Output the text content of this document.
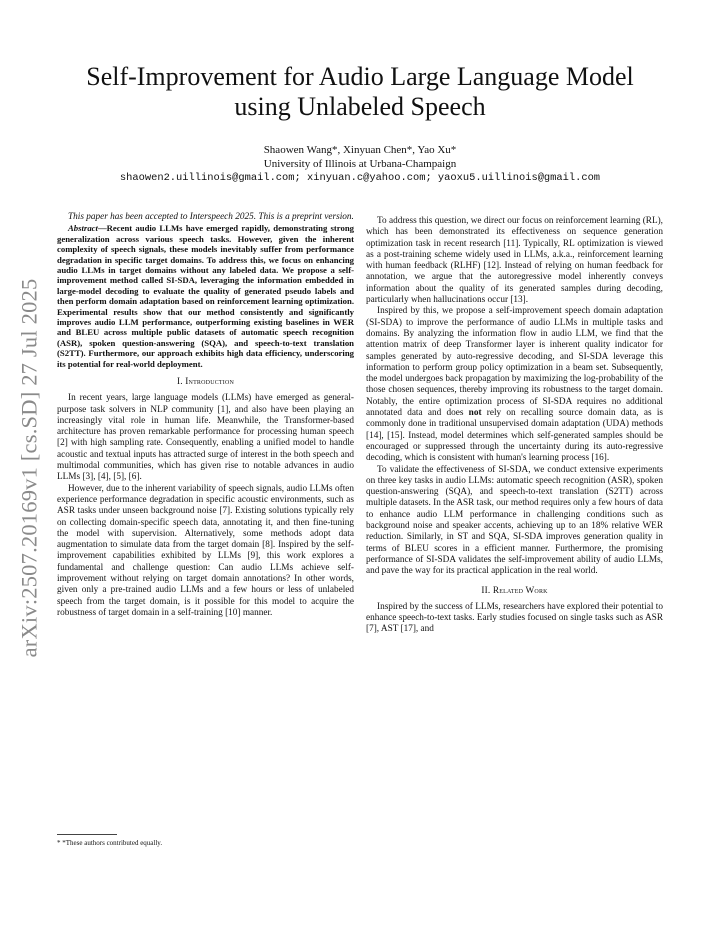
arXiv:2507.20169v1 [cs.SD] 27 Jul 2025
Self-Improvement for Audio Large Language Model
using Unlabeled Speech
Shaowen Wang*, Xinyuan Chen*, Yao Xu*
University of Illinois at Urbana-Champaign
shaowen2.uillinois@gmail.com; xinyuan.c@yahoo.com; yaoxu5.uillinois@gmail.com

This paper has been accepted to Interspeech 2025. This is a preprint version.

Abstract—Recent audio LLMs have emerged rapidly, demonstrating strong generalization across various speech tasks. However, given the inherent complexity of speech signals, these models inevitably suffer from performance degradation in specific target domains. To address this, we focus on enhancing audio LLMs in target domains without any labeled data. We propose a self-improvement method called SI-SDA, leveraging the information embedded in large-model decoding to evaluate the quality of generated pseudo labels and then perform domain adaptation based on reinforcement learning optimization. Experimental results show that our method consistently and significantly improves audio LLM performance, outperforming existing baselines in WER and BLEU across multiple public datasets of automatic speech recognition (ASR), spoken question-answering (SQA), and speech-to-text translation (S2TT). Furthermore, our approach exhibits high data efficiency, underscoring its potential for real-world deployment.

I. Introduction

In recent years, large language models (LLMs) have emerged as general-purpose task solvers in NLP community [1], and also have been playing an increasingly vital role in human life. Meanwhile, the Transformer-based architecture has proven remarkable performance for processing human speech [2] with high sampling rate. Consequently, enabling a unified model to handle acoustic and textual inputs has attracted surge of interest in the both speech and multimodal communities, which has given rise to notable advances in audio LLMs [3], [4], [5], [6].

However, due to the inherent variability of speech signals, audio LLMs often experience performance degradation in specific acoustic environments, such as ASR tasks under unseen background noise [7]. Existing solutions typically rely on collecting domain-specific speech data, annotating it, and then fine-tuning the model with supervision. Alternatively, some methods adopt data augmentation to simulate data from the target domain [8]. Inspired by the self-improvement capabilities exhibited by LLMs [9], this work explores a fundamental and challenge question: Can audio LLMs achieve self-improvement without relying on target domain annotations? In other words, given only a pre-trained audio LLMs and a few hours or less of unlabeled speech from the target domain, is it possible for this model to acquire the robustness of target domain in a self-training [10] manner.

* *These authors contributed equally.

To address this question, we direct our focus on reinforcement learning (RL), which has been demonstrated its effectiveness on sequence generation optimization task in recent research [11]. Typically, RL optimization is viewed as a post-training scheme widely used in LLMs, a.k.a., reinforcement learning with human feedback (RLHF) [12]. Instead of relying on human feedback for annotation, we argue that the autoregressive model inherently conveys information about the quality of its generated samples during decoding, particularly when hallucinations occur [13].

Inspired by this, we propose a self-improvement speech domain adaptation (SI-SDA) to improve the performance of audio LLMs in multiple tasks and domains. By analyzing the information flow in audio LLM, we find that the attention matrix of deep Transformer layer is inherent quality indicator for samples generated by auto-regressive decoding, and SI-SDA leverage this information to perform group policy optimization in a beam set. Subsequently, the model undergoes back propagation by maximizing the log-probability of the those chosen sequences, thereby improving its robustness to the target domain. Notably, the entire optimization process of SI-SDA requires no additional annotated data and does not rely on recalling source domain data, as is commonly done in traditional unsupervised domain adaptation (UDA) methods [14], [15]. Instead, model determines which self-generated samples should be encouraged or suppressed through the uncertainty during its auto-regressive decoding, which is consistent with human's learning process [16].

To validate the effectiveness of SI-SDA, we conduct extensive experiments on three key tasks in audio LLMs: automatic speech recognition (ASR), spoken question-answering (SQA), and speech-to-text translation (S2TT) across multiple datasets. In the ASR task, our method requires only a few hours of data to enhance audio LLM performance in challenging conditions such as background noise and speaker accents, achieving up to an 18% relative WER reduction. Similarly, in ST and SQA, SI-SDA improves generation quality in terms of BLEU scores in a efficient manner. Furthermore, the promising performance of SI-SDA validates the self-improvement ability of audio LLMs, and pave the way for its practical application in the real world.

II. Related Work

Inspired by the success of LLMs, researchers have explored their potential to enhance speech-to-text tasks. Early studies focused on single tasks such as ASR [7], AST [17], and
